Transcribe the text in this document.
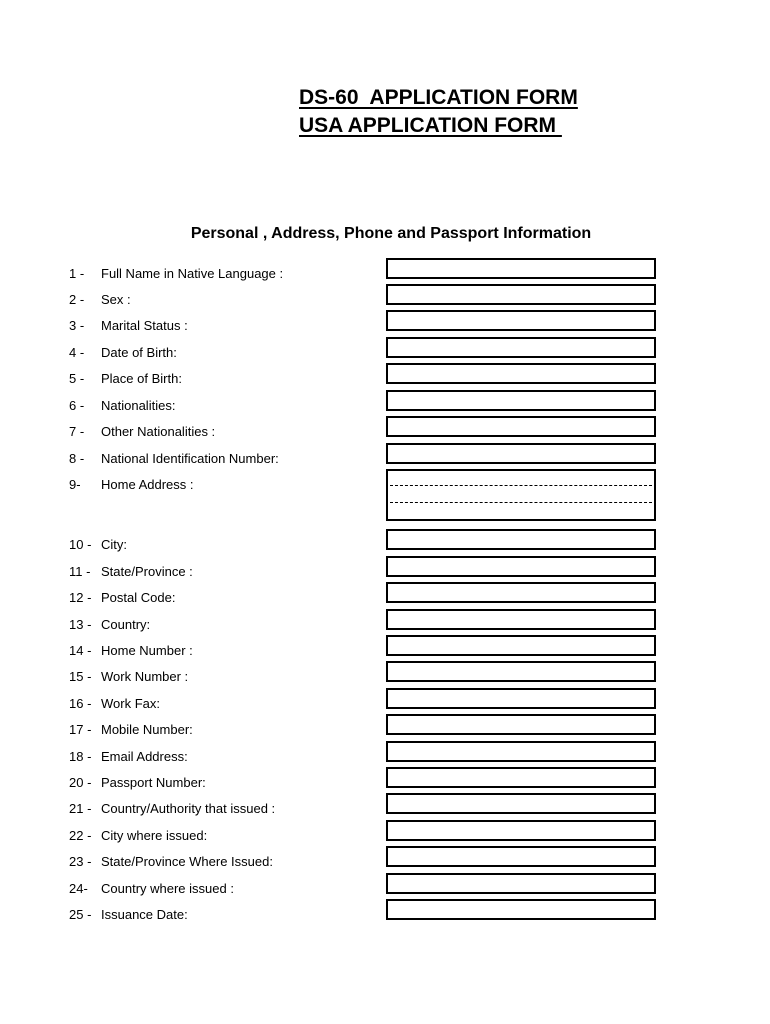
DS-60  APPLICATION FORM
USA APPLICATION FORM
Personal , Address, Phone and Passport Information
1 - Full Name in Native Language :
2 - Sex :
3 - Marital Status :
4 - Date of Birth:
5 - Place of Birth:
6 - Nationalities:
7 - Other Nationalities :
8 - National Identification Number:
9- Home Address :
10 - City:
11 - State/Province :
12 - Postal Code:
13 - Country:
14 - Home Number :
15 - Work Number :
16 - Work Fax:
17 - Mobile Number:
18 - Email Address:
20 - Passport Number:
21 - Country/Authority that issued :
22 - City where issued:
23 - State/Province Where Issued:
24- Country where issued :
25 - Issuance Date:
